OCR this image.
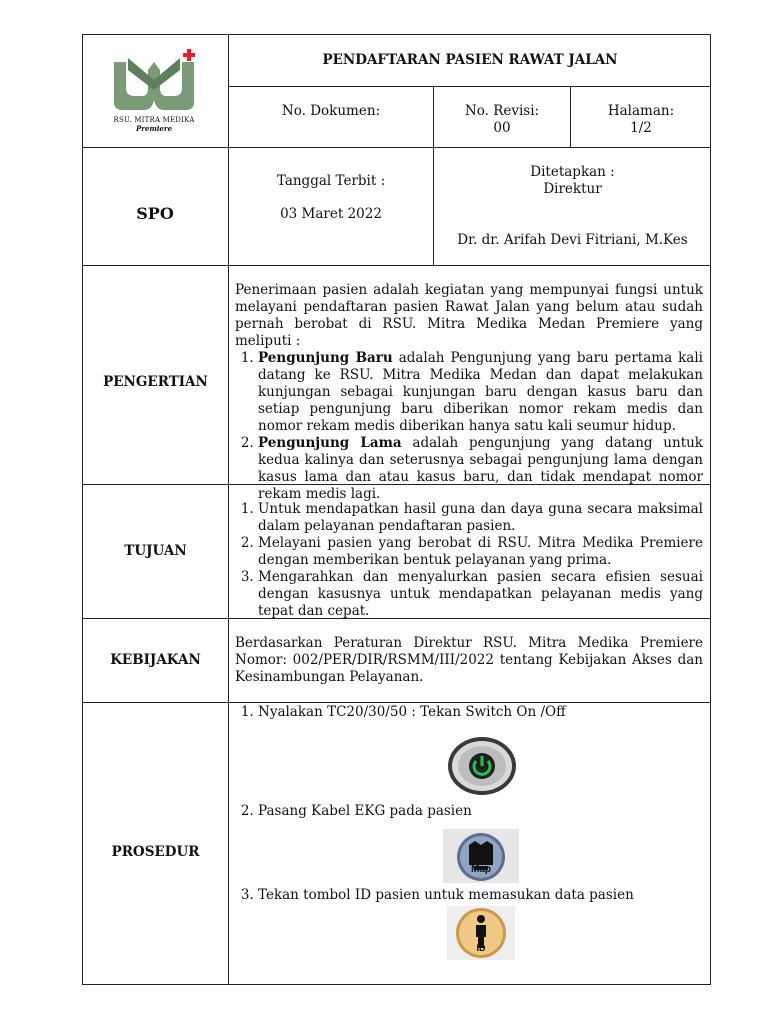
RSU. MITRA MEDIKA
Premiere
PENDAFTARAN PASIEN RAWAT JALAN
No. Dokumen:	No. Revisi:
00
Halaman:
1/2
SPO
Tanggal Terbit :
03 Maret 2022
Ditetapkan :
Direktur
Dr. dr. Arifah Devi Fitriani, M.Kes
PENGERTIAN
Penerimaan pasien adalah kegiatan yang mempunyai fungsi untuk melayani pendaftaran pasien Rawat Jalan yang belum atau sudah pernah berobat di RSU. Mitra Medika Medan Premiere yang meliputi :
1. Pengunjung Baru adalah Pengunjung yang baru pertama kali datang ke RSU. Mitra Medika Medan dan dapat melakukan kunjungan sebagai kunjungan baru dengan kasus baru dan setiap pengunjung baru diberikan nomor rekam medis dan nomor rekam medis diberikan hanya satu kali seumur hidup.
2. Pengunjung Lama adalah pengunjung yang datang untuk kedua kalinya dan seterusnya sebagai pengunjung lama dengan kasus lama dan atau kasus baru, dan tidak mendapat nomor rekam medis lagi.
TUJUAN
1. Untuk mendapatkan hasil guna dan daya guna secara maksimal dalam pelayanan pendaftaran pasien.
2. Melayani pasien yang berobat di RSU. Mitra Medika Premiere dengan memberikan bentuk pelayanan yang prima.
3. Mengarahkan dan menyalurkan pasien secara efisien sesuai dengan kasusnya untuk mendapatkan pelayanan medis yang tepat dan cepat.
KEBIJAKAN
Berdasarkan Peraturan Direktur RSU. Mitra Medika Premiere Nomor: 002/PER/DIR/RSMM/III/2022 tentang Kebijakan Akses dan Kesinambungan Pelayanan.
PROSEDUR
1. Nyalakan TC20/30/50 : Tekan Switch On /Off
2. Pasang Kabel EKG pada pasien
Map
3. Tekan tombol ID pasien untuk memasukan data pasien
ID
